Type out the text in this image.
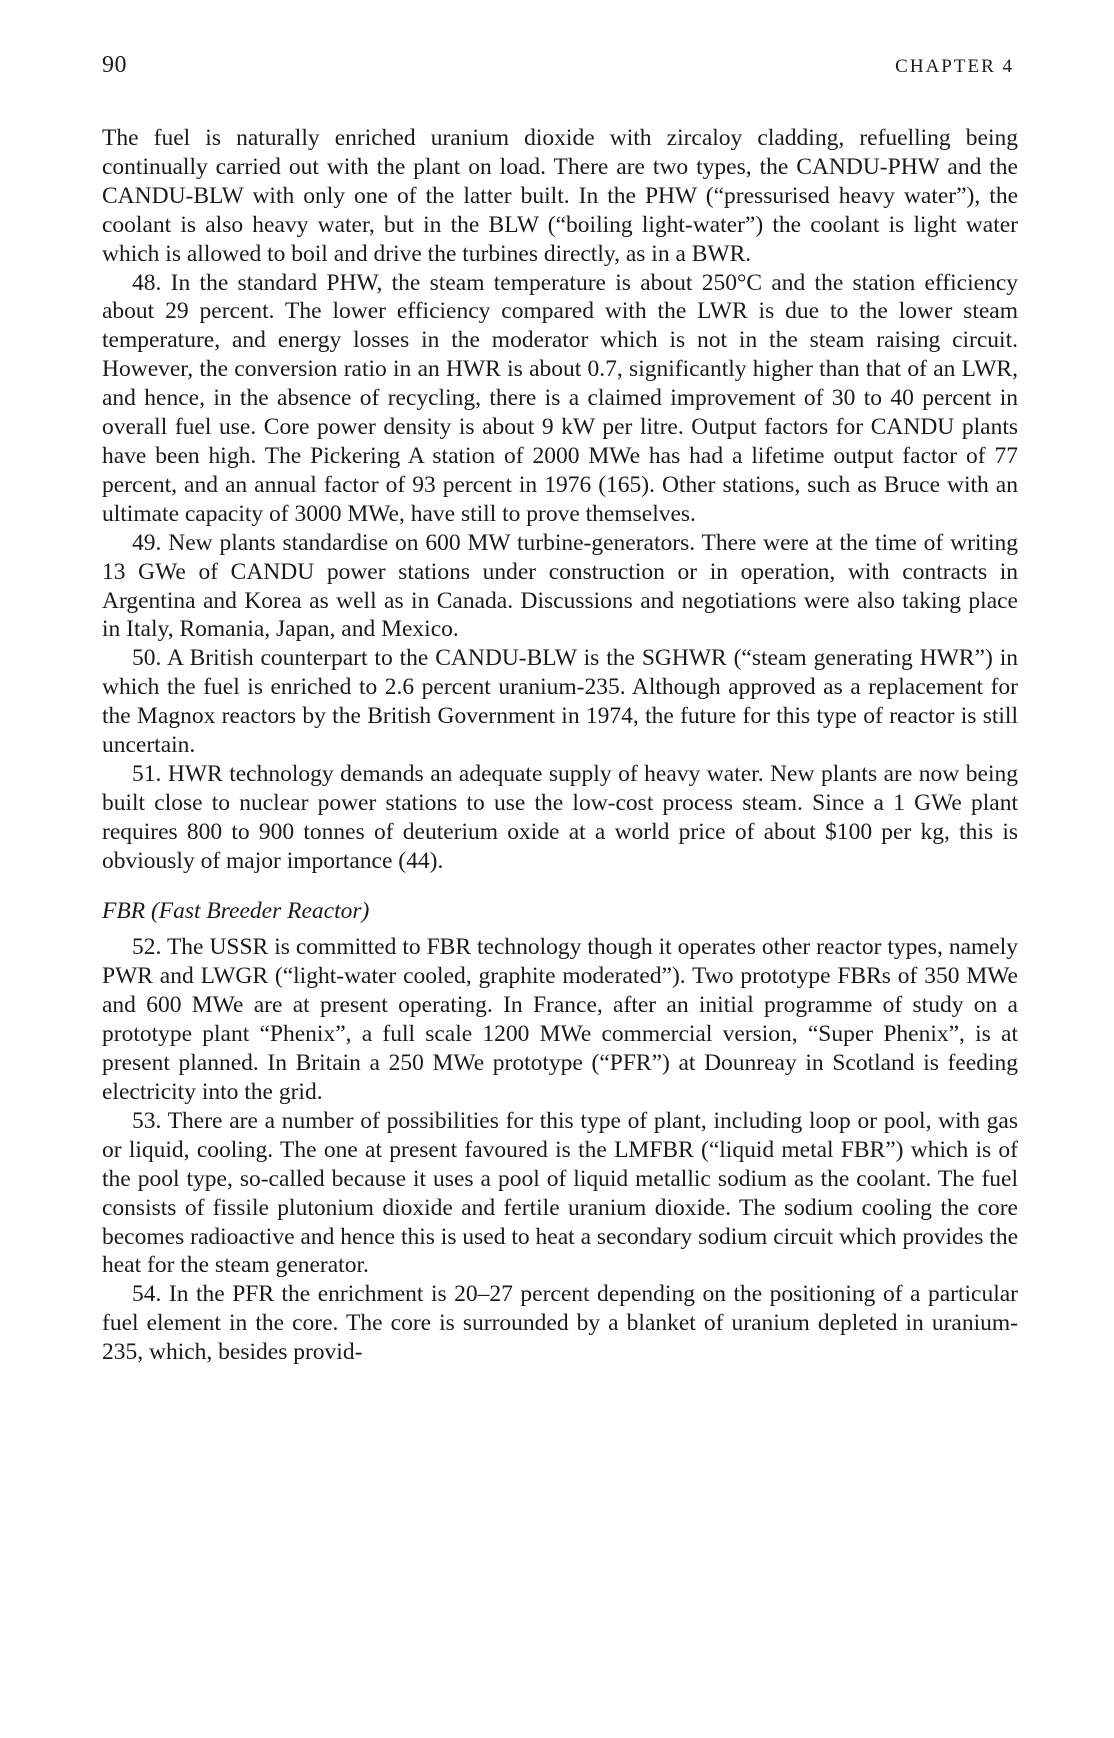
90	CHAPTER 4

The fuel is naturally enriched uranium dioxide with zircaloy cladding, refuelling being continually carried out with the plant on load. There are two types, the CANDU-PHW and the CANDU-BLW with only one of the latter built. In the PHW (“pressurised heavy water”), the coolant is also heavy water, but in the BLW (“boiling light-water”) the coolant is light water which is allowed to boil and drive the turbines directly, as in a BWR.

48. In the standard PHW, the steam temperature is about 250°C and the station efficiency about 29 percent. The lower efficiency compared with the LWR is due to the lower steam temperature, and energy losses in the moderator which is not in the steam raising circuit. However, the conversion ratio in an HWR is about 0.7, significantly higher than that of an LWR, and hence, in the absence of recycling, there is a claimed improvement of 30 to 40 percent in overall fuel use. Core power density is about 9 kW per litre. Output factors for CANDU plants have been high. The Pickering A station of 2000 MWe has had a lifetime output factor of 77 percent, and an annual factor of 93 percent in 1976 (165). Other stations, such as Bruce with an ultimate capacity of 3000 MWe, have still to prove themselves.

49. New plants standardise on 600 MW turbine-generators. There were at the time of writing 13 GWe of CANDU power stations under construction or in operation, with contracts in Argentina and Korea as well as in Canada. Discussions and negotiations were also taking place in Italy, Romania, Japan, and Mexico.

50. A British counterpart to the CANDU-BLW is the SGHWR (“steam generating HWR”) in which the fuel is enriched to 2.6 percent uranium-235. Although approved as a replacement for the Magnox reactors by the British Government in 1974, the future for this type of reactor is still uncertain.

51. HWR technology demands an adequate supply of heavy water. New plants are now being built close to nuclear power stations to use the low-cost process steam. Since a 1 GWe plant requires 800 to 900 tonnes of deuterium oxide at a world price of about $100 per kg, this is obviously of major importance (44).

FBR (Fast Breeder Reactor)

52. The USSR is committed to FBR technology though it operates other reactor types, namely PWR and LWGR (“light-water cooled, graphite moderated”). Two prototype FBRs of 350 MWe and 600 MWe are at present operating. In France, after an initial programme of study on a prototype plant “Phenix”, a full scale 1200 MWe commercial version, “Super Phenix”, is at present planned. In Britain a 250 MWe prototype (“PFR”) at Dounreay in Scotland is feeding electricity into the grid.

53. There are a number of possibilities for this type of plant, including loop or pool, with gas or liquid, cooling. The one at present favoured is the LMFBR (“liquid metal FBR”) which is of the pool type, so-called because it uses a pool of liquid metallic sodium as the coolant. The fuel consists of fissile plutonium dioxide and fertile uranium dioxide. The sodium cooling the core becomes radioactive and hence this is used to heat a secondary sodium circuit which provides the heat for the steam generator.

54. In the PFR the enrichment is 20–27 percent depending on the positioning of a particular fuel element in the core. The core is surrounded by a blanket of uranium depleted in uranium-235, which, besides provid-
